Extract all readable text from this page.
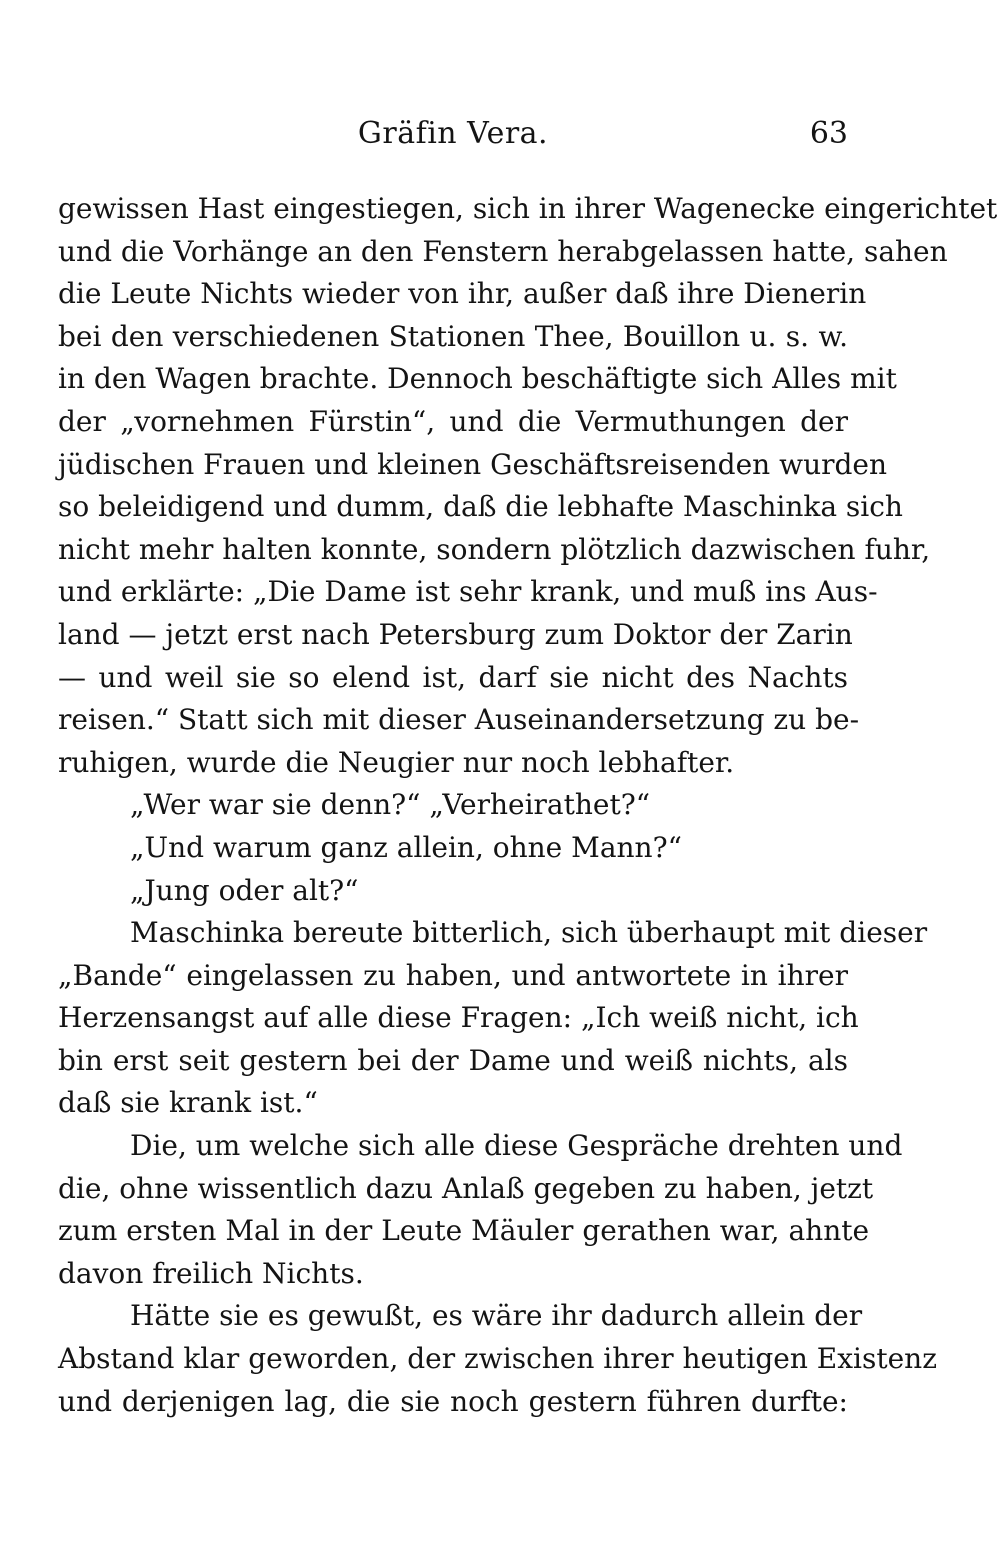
Gräfin Vera.	63
gewissen Hast eingestiegen, sich in ihrer Wagenecke eingerichtet
und die Vorhänge an den Fenstern herabgelassen hatte, sahen
die Leute Nichts wieder von ihr, außer daß ihre Dienerin
bei den verschiedenen Stationen Thee, Bouillon u. s. w.
in den Wagen brachte. Dennoch beschäftigte sich Alles mit
der „vornehmen Fürstin“, und die Vermuthungen der
jüdischen Frauen und kleinen Geschäftsreisenden wurden
so beleidigend und dumm, daß die lebhafte Maschinka sich
nicht mehr halten konnte, sondern plötzlich dazwischen fuhr,
und erklärte: „Die Dame ist sehr krank, und muß ins Aus-
land — jetzt erst nach Petersburg zum Doktor der Zarin
— und weil sie so elend ist, darf sie nicht des Nachts
reisen.“ Statt sich mit dieser Auseinandersetzung zu be-
ruhigen, wurde die Neugier nur noch lebhafter.
„Wer war sie denn?“ „Verheirathet?“
„Und warum ganz allein, ohne Mann?“
„Jung oder alt?“
Maschinka bereute bitterlich, sich überhaupt mit dieser
„Bande“ eingelassen zu haben, und antwortete in ihrer
Herzensangst auf alle diese Fragen: „Ich weiß nicht, ich
bin erst seit gestern bei der Dame und weiß nichts, als
daß sie krank ist.“
Die, um welche sich alle diese Gespräche drehten und
die, ohne wissentlich dazu Anlaß gegeben zu haben, jetzt
zum ersten Mal in der Leute Mäuler gerathen war, ahnte
davon freilich Nichts.
Hätte sie es gewußt, es wäre ihr dadurch allein der
Abstand klar geworden, der zwischen ihrer heutigen Existenz
und derjenigen lag, die sie noch gestern führen durfte:
